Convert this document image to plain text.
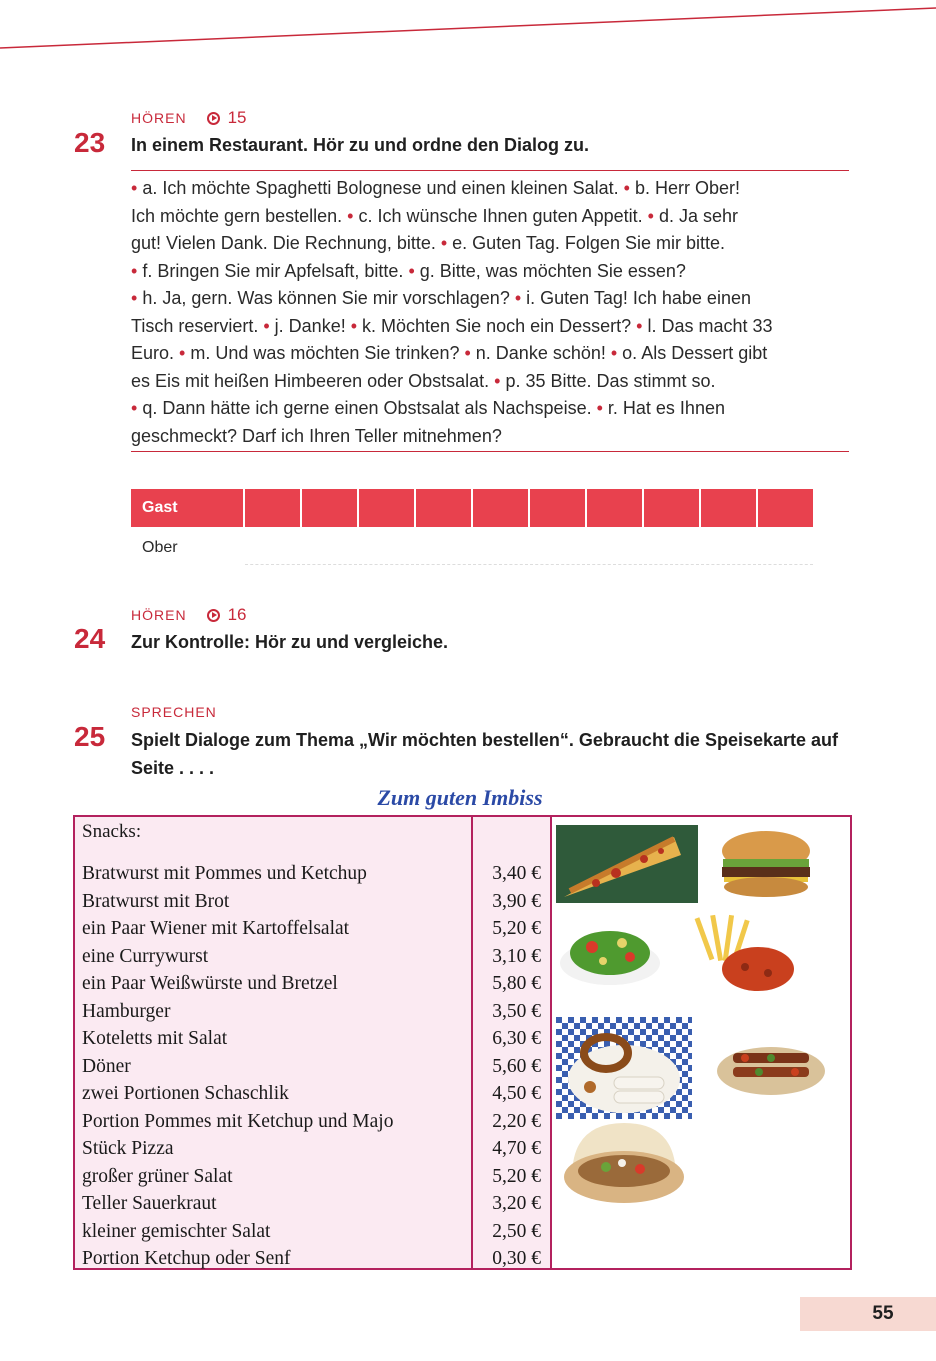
HÖREN 15
23 In einem Restaurant. Hör zu und ordne den Dialog zu.
• a. Ich möchte Spaghetti Bolognese und einen kleinen Salat. • b. Herr Ober!
Ich möchte gern bestellen. • c. Ich wünsche Ihnen guten Appetit. • d. Ja sehr
gut! Vielen Dank. Die Rechnung, bitte. • e. Guten Tag. Folgen Sie mir bitte.
• f. Bringen Sie mir Apfelsaft, bitte. • g. Bitte, was möchten Sie essen?
• h. Ja, gern. Was können Sie mir vorschlagen? • i. Guten Tag! Ich habe einen
Tisch reserviert. • j. Danke! • k. Möchten Sie noch ein Dessert? • l. Das macht 33
Euro. • m. Und was möchten Sie trinken? • n. Danke schön! • o. Als Dessert gibt
es Eis mit heißen Himbeeren oder Obstsalat. • p. 35 Bitte. Das stimmt so.
• q. Dann hätte ich gerne einen Obstsalat als Nachspeise. • r. Hat es Ihnen
geschmeckt? Darf ich Ihren Teller mitnehmen?
Gast
Ober
HÖREN 16
24 Zur Kontrolle: Hör zu und vergleiche.
SPRECHEN
25 Spielt Dialoge zum Thema „Wir möchten bestellen“. Gebraucht die Speisekarte auf Seite . . . .
Zum guten Imbiss
Snacks:
Bratwurst mit Pommes und Ketchup
Bratwurst mit Brot
ein Paar Wiener mit Kartoffelsalat
eine Currywurst
ein Paar Weißwürste und Bretzel
Hamburger
Koteletts mit Salat
Döner
zwei Portionen Schaschlik
Portion Pommes mit Ketchup und Majo
Stück Pizza
großer grüner Salat
Teller Sauerkraut
kleiner gemischter Salat
Portion Ketchup oder Senf
3,40 €
3,90 €
5,20 €
3,10 €
5,80 €
3,50 €
6,30 €
5,60 €
4,50 €
2,20 €
4,70 €
5,20 €
3,20 €
2,50 €
0,30 €
55
